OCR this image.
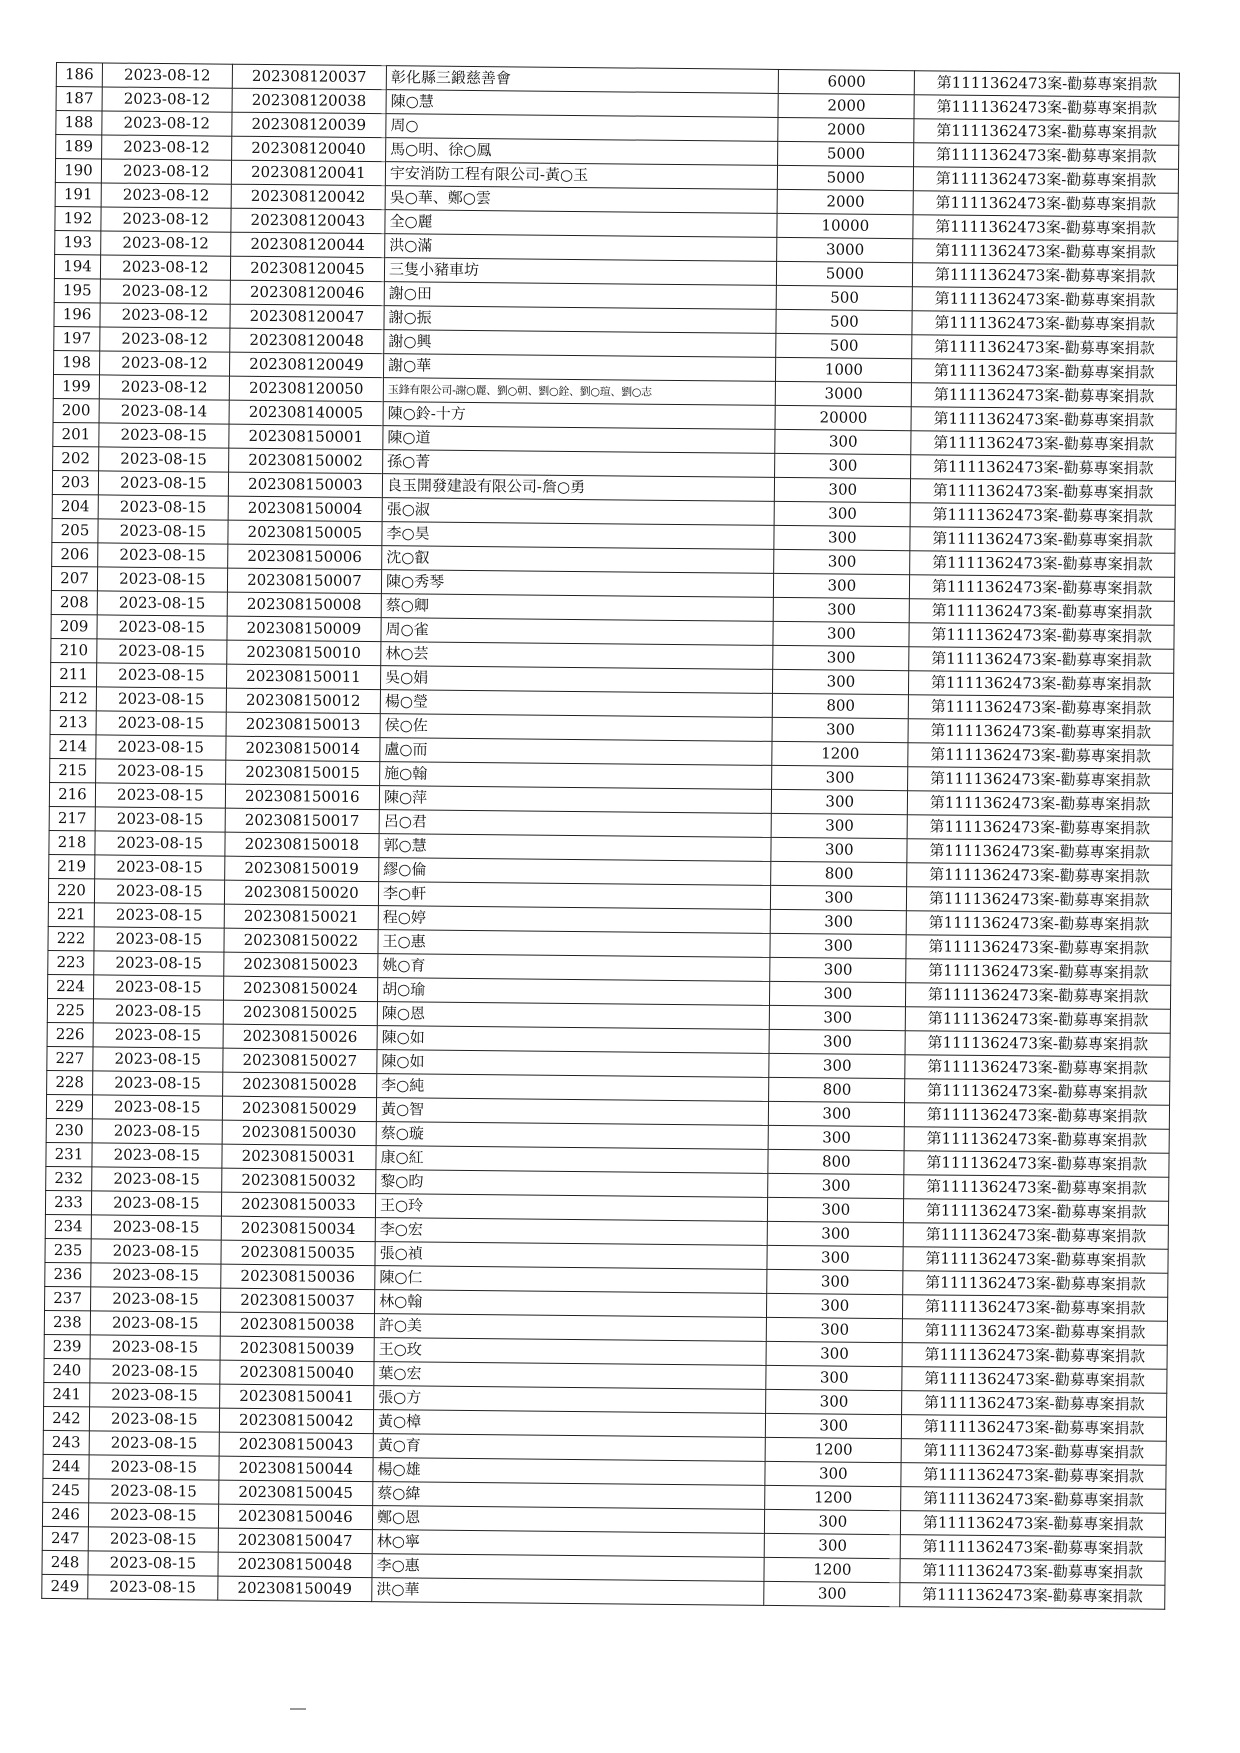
186	2023-08-12	202308120037	彰化縣三鍛慈善會	6000	第1111362473案-勸募專案捐款
187	2023-08-12	202308120038	陳○慧	2000	第1111362473案-勸募專案捐款
188	2023-08-12	202308120039	周○	2000	第1111362473案-勸募專案捐款
189	2023-08-12	202308120040	馬○明、徐○鳳	5000	第1111362473案-勸募專案捐款
190	2023-08-12	202308120041	宇安消防工程有限公司-黃○玉	5000	第1111362473案-勸募專案捐款
191	2023-08-12	202308120042	吳○華、鄭○雲	2000	第1111362473案-勸募專案捐款
192	2023-08-12	202308120043	全○麗	10000	第1111362473案-勸募專案捐款
193	2023-08-12	202308120044	洪○滿	3000	第1111362473案-勸募專案捐款
194	2023-08-12	202308120045	三隻小豬車坊	5000	第1111362473案-勸募專案捐款
195	2023-08-12	202308120046	謝○田	500	第1111362473案-勸募專案捐款
196	2023-08-12	202308120047	謝○振	500	第1111362473案-勸募專案捐款
197	2023-08-12	202308120048	謝○興	500	第1111362473案-勸募專案捐款
198	2023-08-12	202308120049	謝○華	1000	第1111362473案-勸募專案捐款
199	2023-08-12	202308120050	玉鋒有限公司-謝○麗、劉○朝、劉○銓、劉○瑄、劉○志	3000	第1111362473案-勸募專案捐款
200	2023-08-14	202308140005	陳○鈴-十方	20000	第1111362473案-勸募專案捐款
201	2023-08-15	202308150001	陳○道	300	第1111362473案-勸募專案捐款
202	2023-08-15	202308150002	孫○菁	300	第1111362473案-勸募專案捐款
203	2023-08-15	202308150003	良玉開發建設有限公司-詹○勇	300	第1111362473案-勸募專案捐款
204	2023-08-15	202308150004	張○淑	300	第1111362473案-勸募專案捐款
205	2023-08-15	202308150005	李○昊	300	第1111362473案-勸募專案捐款
206	2023-08-15	202308150006	沈○叡	300	第1111362473案-勸募專案捐款
207	2023-08-15	202308150007	陳○秀琴	300	第1111362473案-勸募專案捐款
208	2023-08-15	202308150008	蔡○卿	300	第1111362473案-勸募專案捐款
209	2023-08-15	202308150009	周○雀	300	第1111362473案-勸募專案捐款
210	2023-08-15	202308150010	林○芸	300	第1111362473案-勸募專案捐款
211	2023-08-15	202308150011	吳○娟	300	第1111362473案-勸募專案捐款
212	2023-08-15	202308150012	楊○瑩	800	第1111362473案-勸募專案捐款
213	2023-08-15	202308150013	侯○佐	300	第1111362473案-勸募專案捐款
214	2023-08-15	202308150014	盧○而	1200	第1111362473案-勸募專案捐款
215	2023-08-15	202308150015	施○翰	300	第1111362473案-勸募專案捐款
216	2023-08-15	202308150016	陳○萍	300	第1111362473案-勸募專案捐款
217	2023-08-15	202308150017	呂○君	300	第1111362473案-勸募專案捐款
218	2023-08-15	202308150018	郭○慧	300	第1111362473案-勸募專案捐款
219	2023-08-15	202308150019	繆○倫	800	第1111362473案-勸募專案捐款
220	2023-08-15	202308150020	李○軒	300	第1111362473案-勸募專案捐款
221	2023-08-15	202308150021	程○婷	300	第1111362473案-勸募專案捐款
222	2023-08-15	202308150022	王○惠	300	第1111362473案-勸募專案捐款
223	2023-08-15	202308150023	姚○育	300	第1111362473案-勸募專案捐款
224	2023-08-15	202308150024	胡○瑜	300	第1111362473案-勸募專案捐款
225	2023-08-15	202308150025	陳○恩	300	第1111362473案-勸募專案捐款
226	2023-08-15	202308150026	陳○如	300	第1111362473案-勸募專案捐款
227	2023-08-15	202308150027	陳○如	300	第1111362473案-勸募專案捐款
228	2023-08-15	202308150028	李○純	800	第1111362473案-勸募專案捐款
229	2023-08-15	202308150029	黃○智	300	第1111362473案-勸募專案捐款
230	2023-08-15	202308150030	蔡○璇	300	第1111362473案-勸募專案捐款
231	2023-08-15	202308150031	康○紅	800	第1111362473案-勸募專案捐款
232	2023-08-15	202308150032	黎○昀	300	第1111362473案-勸募專案捐款
233	2023-08-15	202308150033	王○玲	300	第1111362473案-勸募專案捐款
234	2023-08-15	202308150034	李○宏	300	第1111362473案-勸募專案捐款
235	2023-08-15	202308150035	張○禎	300	第1111362473案-勸募專案捐款
236	2023-08-15	202308150036	陳○仁	300	第1111362473案-勸募專案捐款
237	2023-08-15	202308150037	林○翰	300	第1111362473案-勸募專案捐款
238	2023-08-15	202308150038	許○美	300	第1111362473案-勸募專案捐款
239	2023-08-15	202308150039	王○玫	300	第1111362473案-勸募專案捐款
240	2023-08-15	202308150040	葉○宏	300	第1111362473案-勸募專案捐款
241	2023-08-15	202308150041	張○方	300	第1111362473案-勸募專案捐款
242	2023-08-15	202308150042	黃○樟	300	第1111362473案-勸募專案捐款
243	2023-08-15	202308150043	黃○育	1200	第1111362473案-勸募專案捐款
244	2023-08-15	202308150044	楊○雄	300	第1111362473案-勸募專案捐款
245	2023-08-15	202308150045	蔡○緯	1200	第1111362473案-勸募專案捐款
246	2023-08-15	202308150046	鄭○恩	300	第1111362473案-勸募專案捐款
247	2023-08-15	202308150047	林○寧	300	第1111362473案-勸募專案捐款
248	2023-08-15	202308150048	李○惠	1200	第1111362473案-勸募專案捐款
249	2023-08-15	202308150049	洪○華	300	第1111362473案-勸募專案捐款
